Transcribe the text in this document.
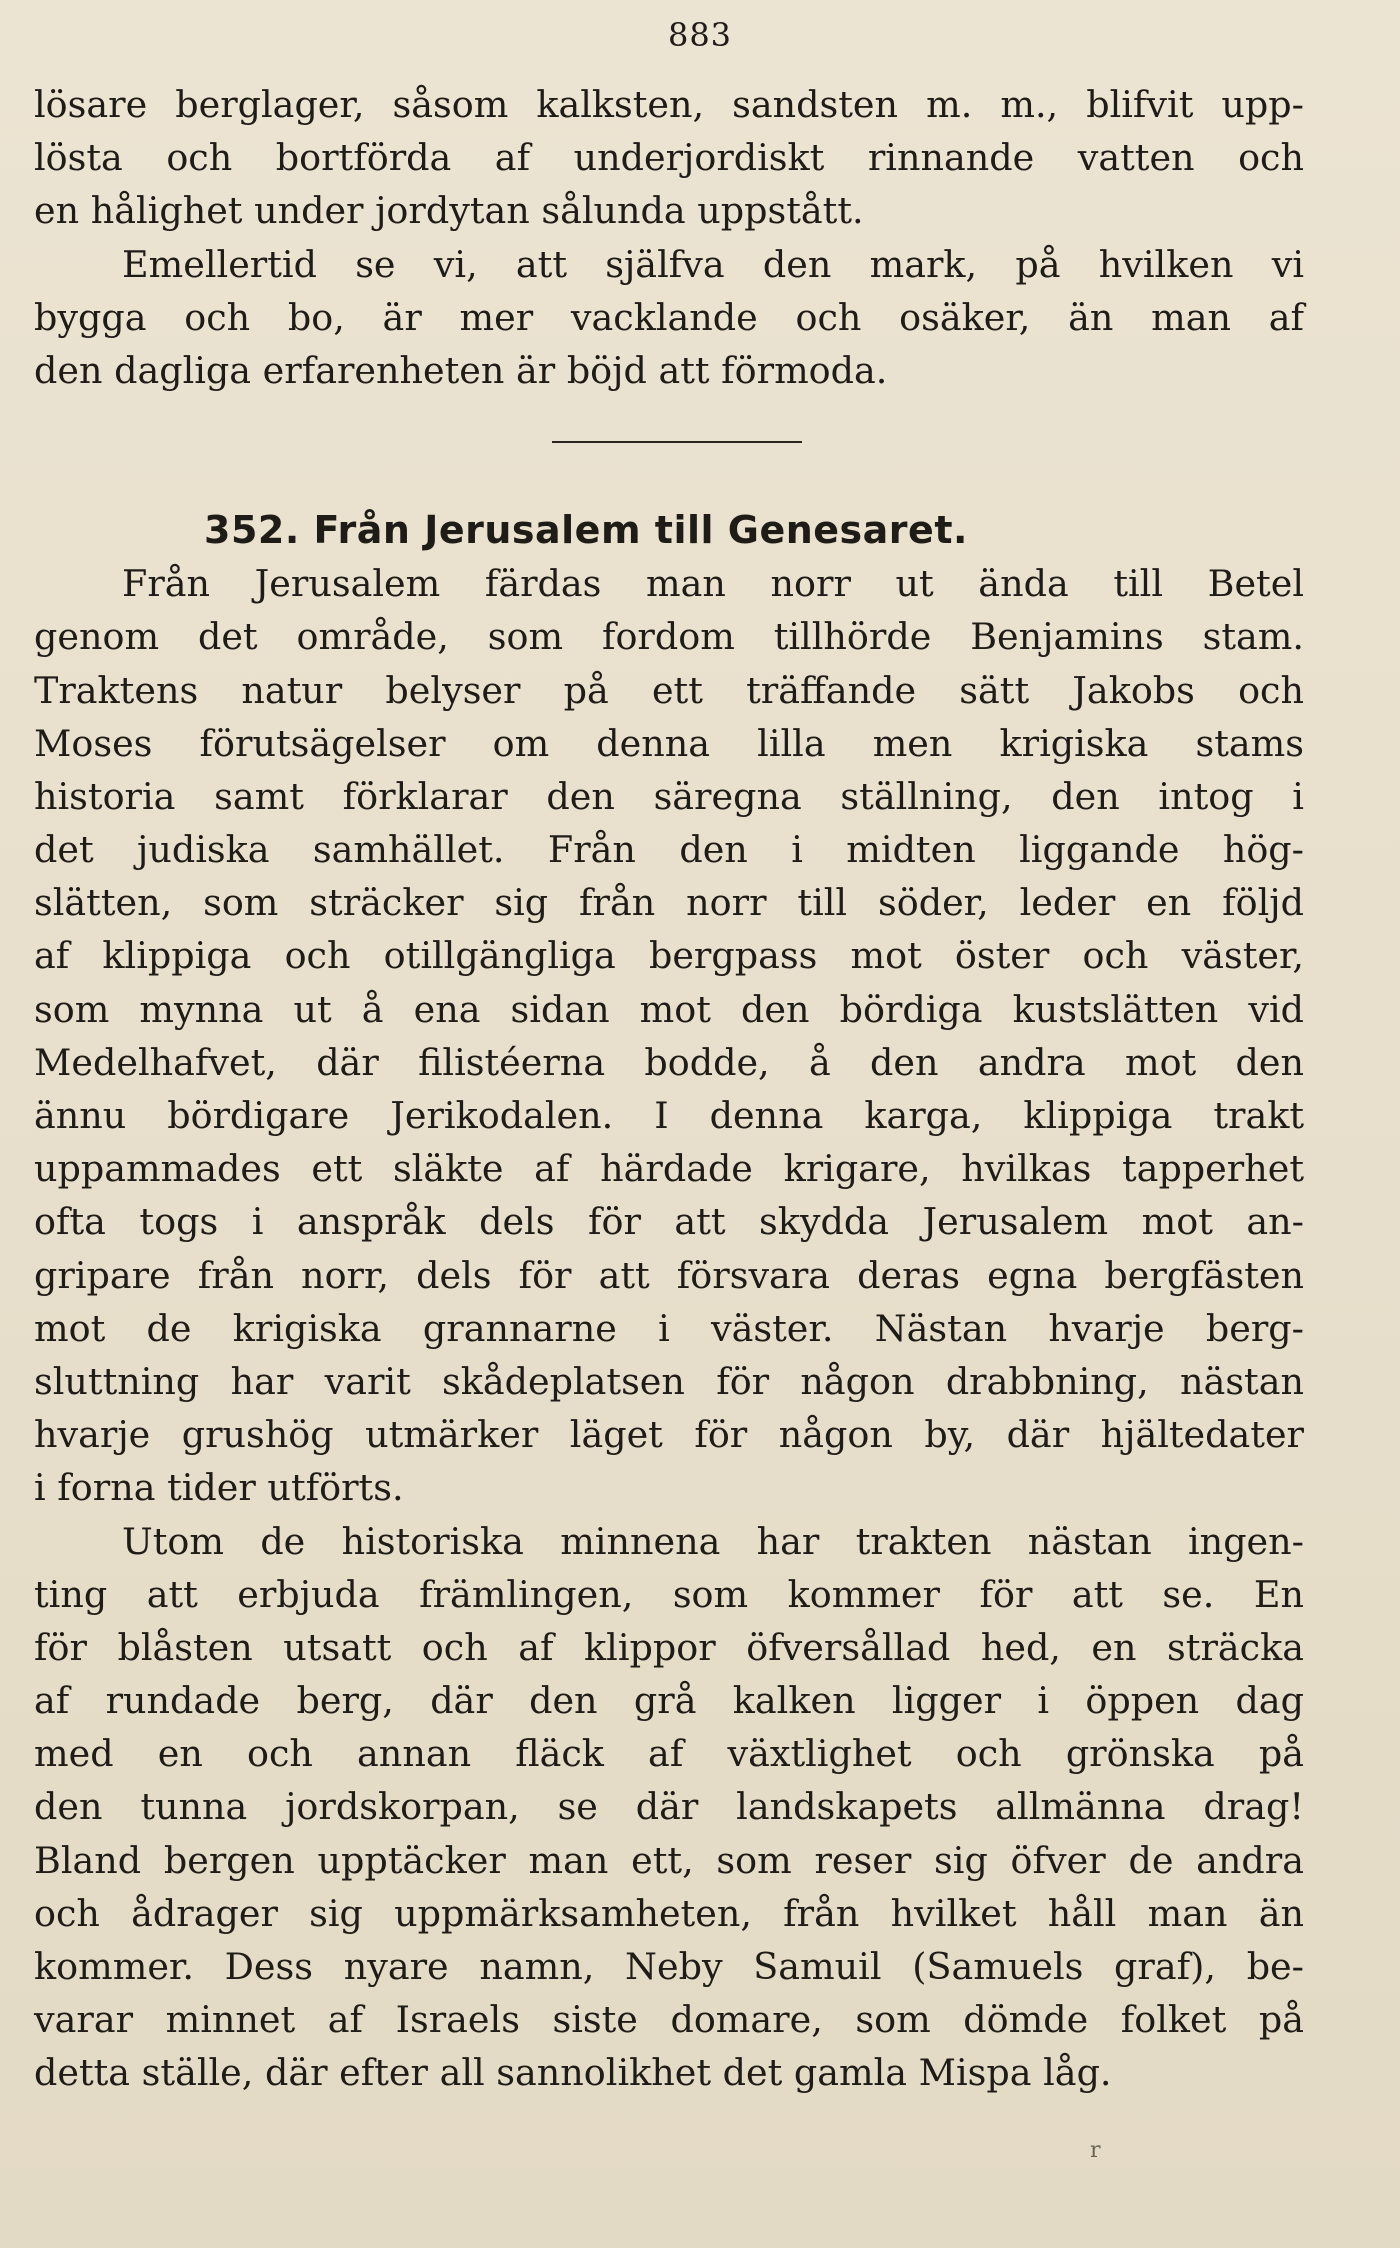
883
lösare berglager, såsom kalksten, sandsten m. m., blifvit upp-
lösta och bortförda af underjordiskt rinnande vatten och
en hålighet under jordytan sålunda uppstått.
Emellertid se vi, att själfva den mark, på hvilken vi
bygga och bo, är mer vacklande och osäker, än man af
den dagliga erfarenheten är böjd att förmoda.
352. Från Jerusalem till Genesaret.
Från Jerusalem färdas man norr ut ända till Betel
genom det område, som fordom tillhörde Benjamins stam.
Traktens natur belyser på ett träffande sätt Jakobs och
Moses förutsägelser om denna lilla men krigiska stams
historia samt förklarar den säregna ställning, den intog i
det judiska samhället. Från den i midten liggande hög-
slätten, som sträcker sig från norr till söder, leder en följd
af klippiga och otillgängliga bergpass mot öster och väster,
som mynna ut å ena sidan mot den bördiga kustslätten vid
Medelhafvet, där filistéerna bodde, å den andra mot den
ännu bördigare Jerikodalen. I denna karga, klippiga trakt
uppammades ett släkte af härdade krigare, hvilkas tapperhet
ofta togs i anspråk dels för att skydda Jerusalem mot an-
gripare från norr, dels för att försvara deras egna bergfästen
mot de krigiska grannarne i väster. Nästan hvarje berg-
sluttning har varit skådeplatsen för någon drabbning, nästan
hvarje grushög utmärker läget för någon by, där hjältedater
i forna tider utförts.
Utom de historiska minnena har trakten nästan ingen-
ting att erbjuda främlingen, som kommer för att se. En
för blåsten utsatt och af klippor öfversållad hed, en sträcka
af rundade berg, där den grå kalken ligger i öppen dag
med en och annan fläck af växtlighet och grönska på
den tunna jordskorpan, se där landskapets allmänna drag!
Bland bergen upptäcker man ett, som reser sig öfver de andra
och ådrager sig uppmärksamheten, från hvilket håll man än
kommer. Dess nyare namn, Neby Samuil (Samuels graf), be-
varar minnet af Israels siste domare, som dömde folket på
detta ställe, där efter all sannolikhet det gamla Mispa låg.
r
